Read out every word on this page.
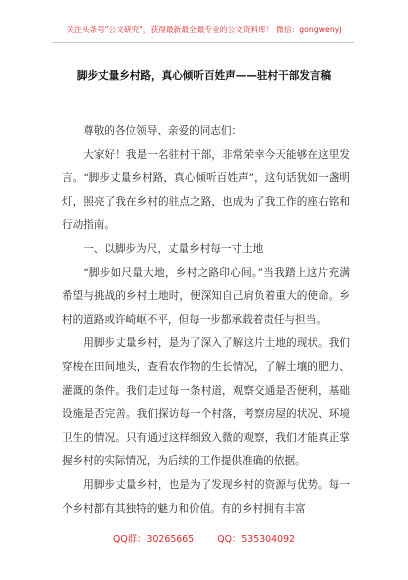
关注头条号"公文研究"，获得最新最全最专业的公文资料库！ 微信：gongwenyj
脚步丈量乡村路，真心倾听百姓声——驻村干部发言稿

尊敬的各位领导、亲爱的同志们：

大家好！我是一名驻村干部，非常荣幸今天能够在这里发言。“脚步丈量乡村路，真心倾听百姓声”，这句话犹如一盏明灯，照亮了我在乡村的驻点之路，也成为了我工作的座右铭和行动指南。

一、以脚步为尺，丈量乡村每一寸土地

“脚步如尺量大地，乡村之路印心间。”当我踏上这片充满希望与挑战的乡村土地时，便深知自己肩负着重大的使命。乡村的道路或许崎岖不平，但每一步都承载着责任与担当。

用脚步丈量乡村，是为了深入了解这片土地的现状。我们穿梭在田间地头，查看农作物的生长情况，了解土壤的肥力、灌溉的条件。我们走过每一条村道，观察交通是否便利，基础设施是否完善。我们探访每一个村落，考察房屋的状况、环境卫生的情况。只有通过这样细致入微的观察，我们才能真正掌握乡村的实际情况，为后续的工作提供准确的依据。

用脚步丈量乡村，也是为了发现乡村的资源与优势。每一个乡村都有其独特的魅力和价值。有的乡村拥有丰富

QQ群：30265665 QQ：535304092
